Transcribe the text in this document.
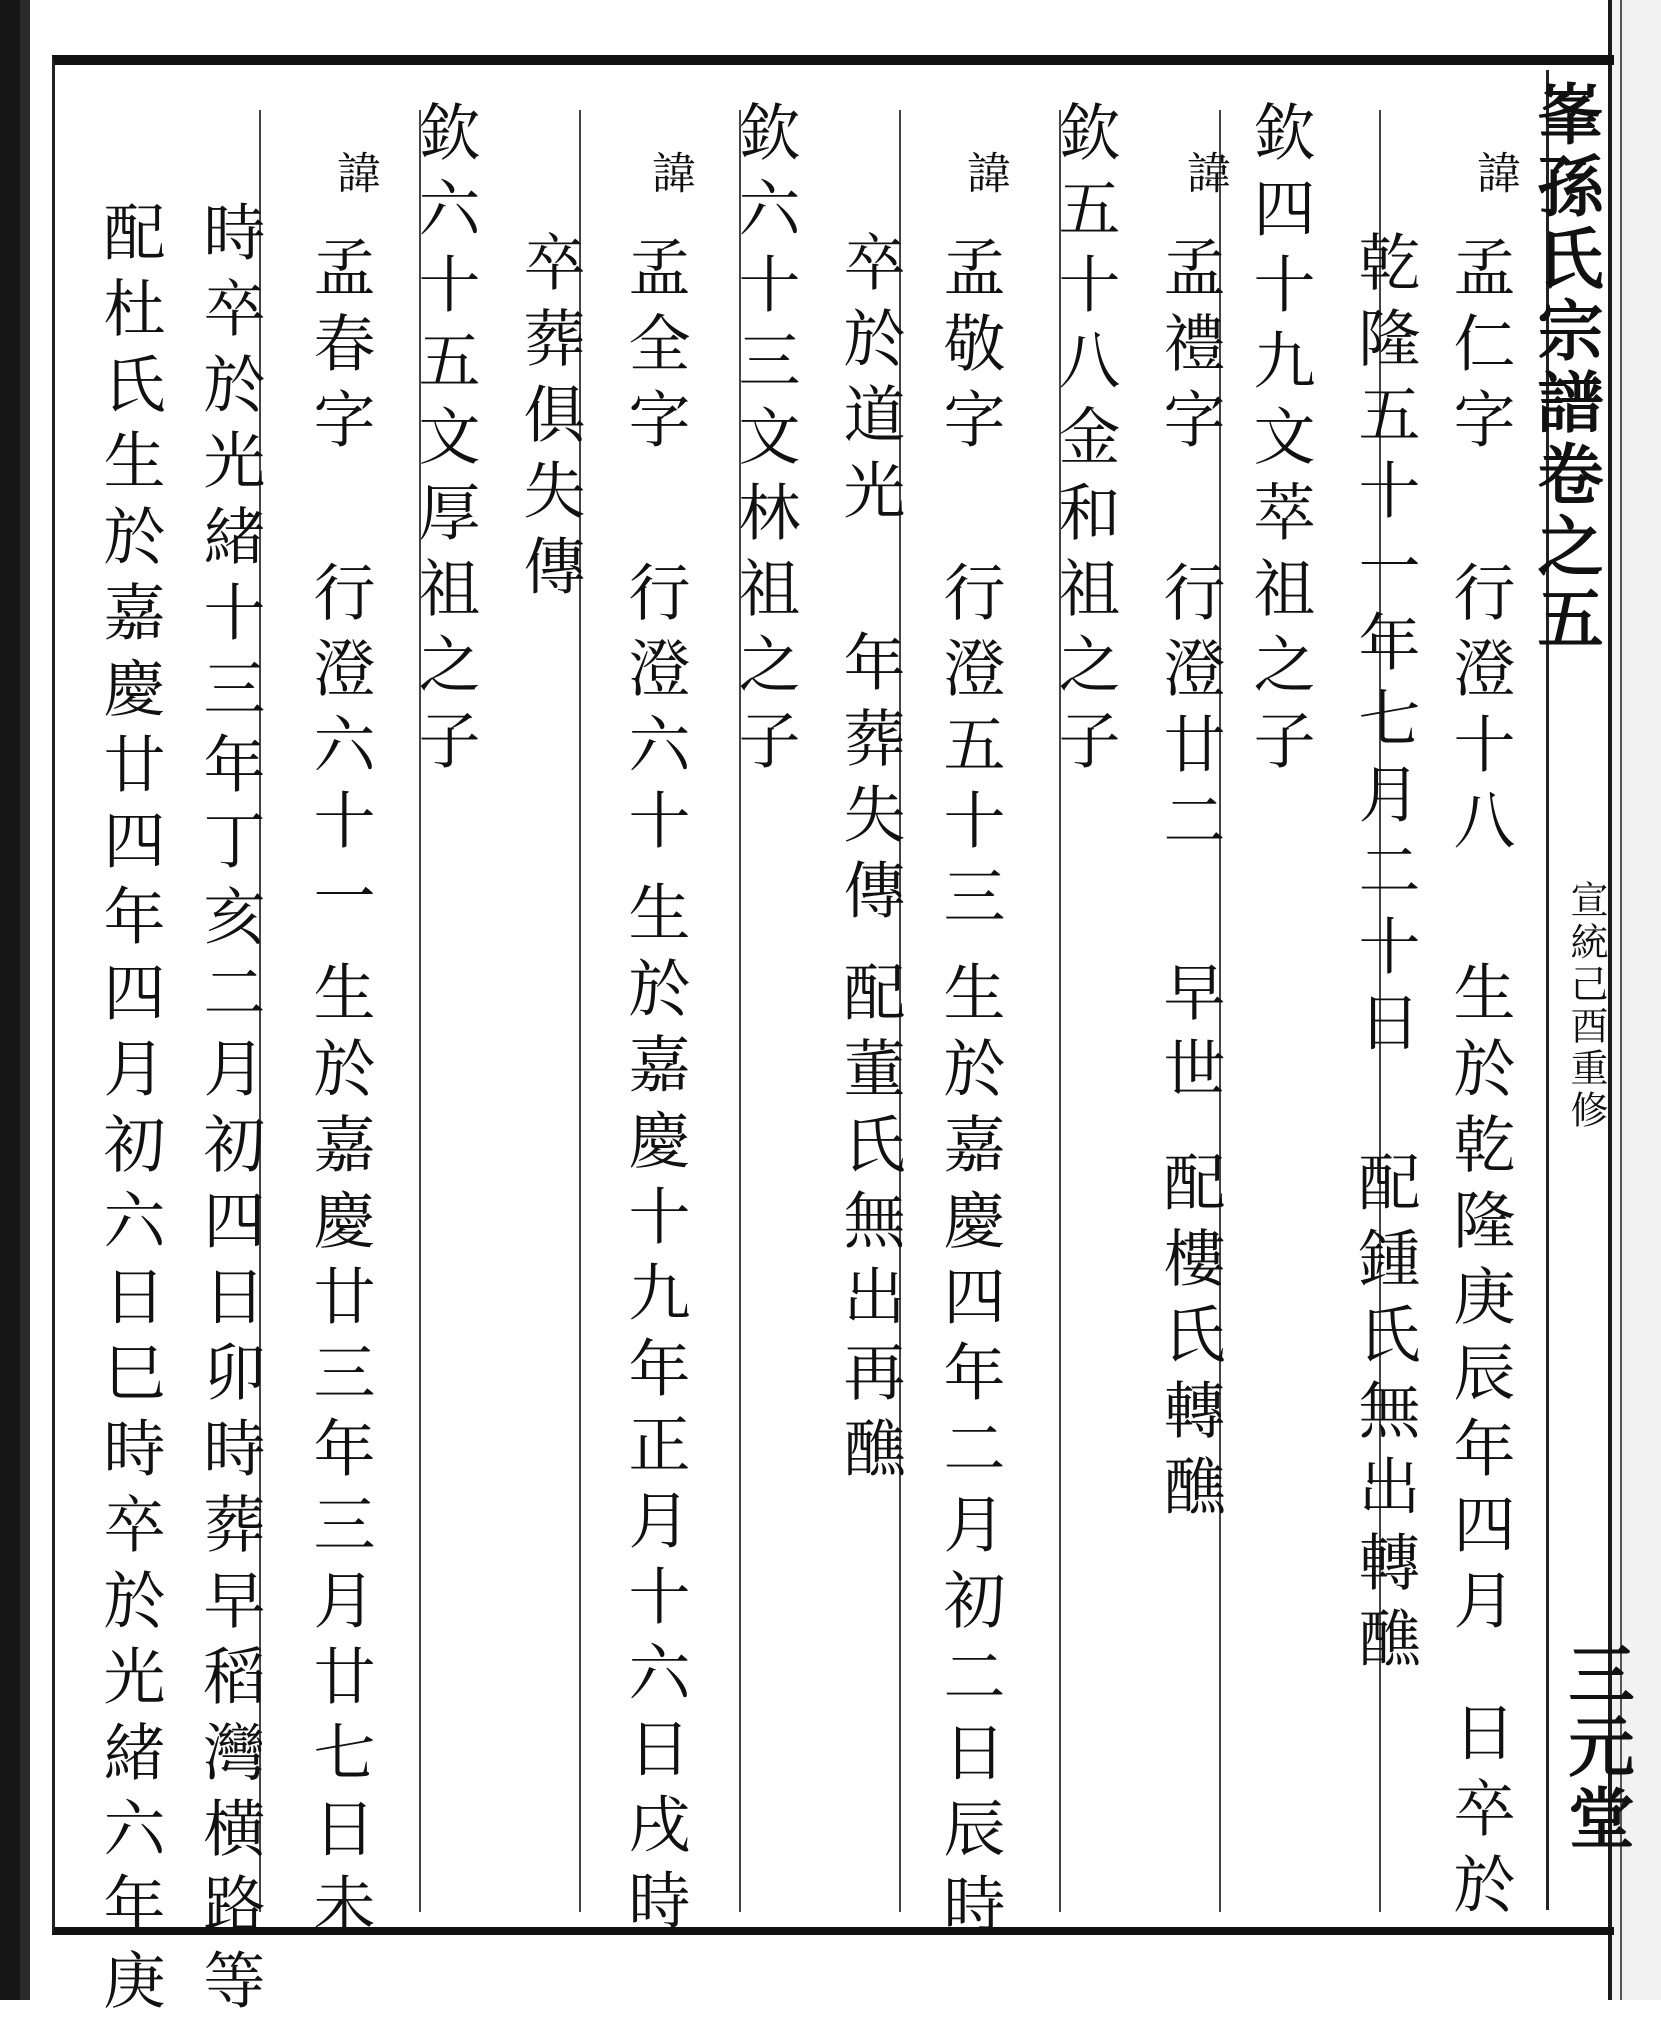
峯孫氏宗譜卷之五
宣統己酉重修
三元堂
諱
孟仁字
行澄十八
生於乾隆庚辰年四月
日卒於
乾隆五十一年七月二十日
配鍾氏無出轉醮
欽四十九文萃祖之子
諱
孟禮字
行澄廿二
早世
配樓氏轉醮
欽五十八金和祖之子
諱
孟敬字
行澄五十三
生於嘉慶四年二月初二日辰時
卒於道光
年葬失傳
配董氏無出再醮
欽六十三文林祖之子
諱
孟全字
行澄六十
生於嘉慶十九年正月十六日戌時
卒葬俱失傳
欽六十五文厚祖之子
諱
孟春字
行澄六十一
生於嘉慶廿三年三月廿七日未
時卒於光緒十三年丁亥二月初四日卯時葬早稻灣横路等
配杜氏生於嘉慶廿四年四月初六日巳時卒於光緒六年庚
